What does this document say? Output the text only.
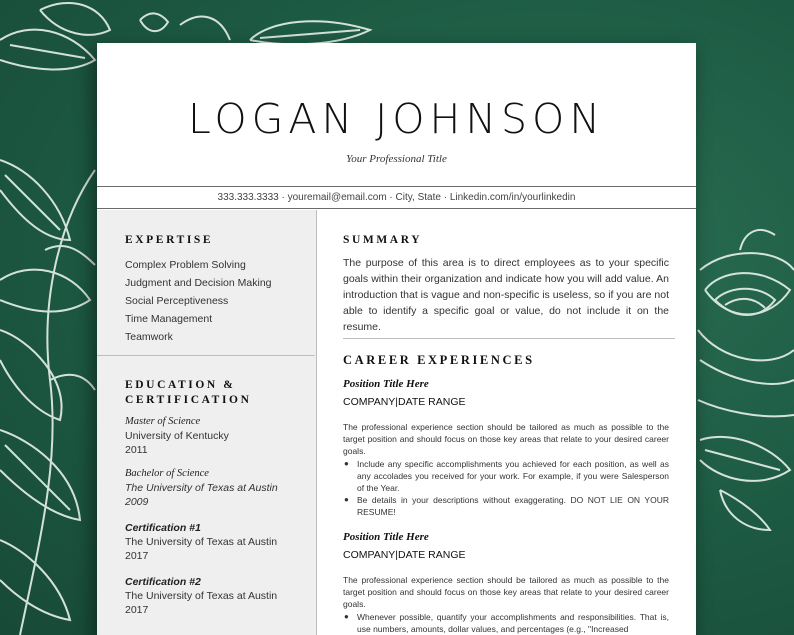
LOGAN JOHNSON
Your Professional Title
333.333.3333 · youremail@email.com · City, State · Linkedin.com/in/yourlinkedin
EXPERTISE
Complex Problem Solving
Judgment and Decision Making
Social Perceptiveness
Time Management
Teamwork
EDUCATION & CERTIFICATION
Master of Science
University of Kentucky
2011
Bachelor of Science
The University of Texas at Austin
2009
Certification #1
The University of Texas at Austin
2017
Certification #2
The University of Texas at Austin
2017
SUMMARY

The purpose of this area is to direct employees as to your specific goals within their organization and indicate how you will add value. An introduction that is vague and non-specific is useless, so if you are not able to identify a specific goal or value, do not include it on the resume.

CAREER EXPERIENCES
Position Title Here
COMPANY|DATE RANGE

The professional experience section should be tailored as much as possible to the target position and should focus on those key areas that relate to your desired career goals.

● Include any specific accomplishments you achieved for each position, as well as any accolades you received for your work. For example, if you were Salesperson of the Year.
● Be details in your descriptions without exaggerating. DO NOT LIE ON YOUR RESUME!
Position Title Here
COMPANY|DATE RANGE

The professional experience section should be tailored as much as possible to the target position and should focus on those key areas that relate to your desired career goals.

● Whenever possible, quantify your accomplishments and responsibilities. That is, use numbers, amounts, dollar values, and percentages (e.g., "Increased
